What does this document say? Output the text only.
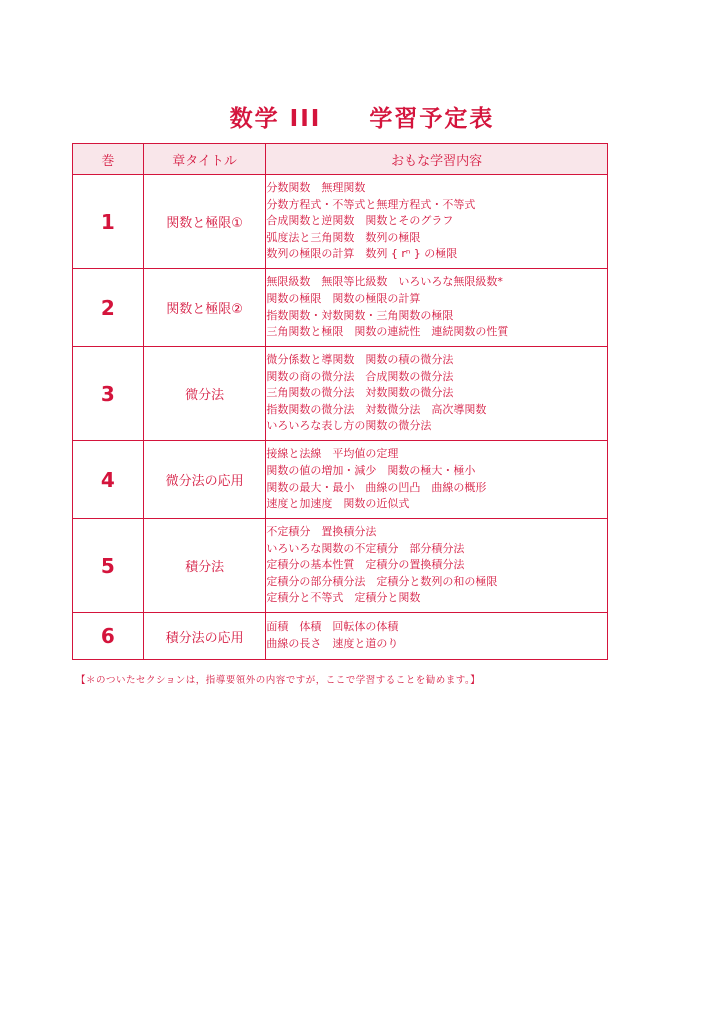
数学 III 学習予定表
巻	章タイトル	おもな学習内容
1	関数と極限①	分数関数　無理関数
分数方程式・不等式と無理方程式・不等式
合成関数と逆関数　関数とそのグラフ
弧度法と三角関数　数列の極限
数列の極限の計算　数列 { rⁿ } の極限

2	関数と極限②	無限級数　無限等比級数　いろいろな無限級数*
関数の極限　関数の極限の計算
指数関数・対数関数・三角関数の極限
三角関数と極限　関数の連続性　連続関数の性質

3	微分法	微分係数と導関数　関数の積の微分法
関数の商の微分法　合成関数の微分法
三角関数の微分法　対数関数の微分法
指数関数の微分法　対数微分法　高次導関数
いろいろな表し方の関数の微分法

4	微分法の応用	接線と法線　平均値の定理
関数の値の増加・減少　関数の極大・極小
関数の最大・最小　曲線の凹凸　曲線の概形
速度と加速度　関数の近似式

5	積分法	不定積分　置換積分法
いろいろな関数の不定積分　部分積分法
定積分の基本性質　定積分の置換積分法
定積分の部分積分法　定積分と数列の和の極限
定積分と不等式　定積分と関数

6	積分法の応用	面積　体積　回転体の体積
曲線の長さ　速度と道のり
【＊のついたセクションは，指導要領外の内容ですが，ここで学習することを勧めます。】
